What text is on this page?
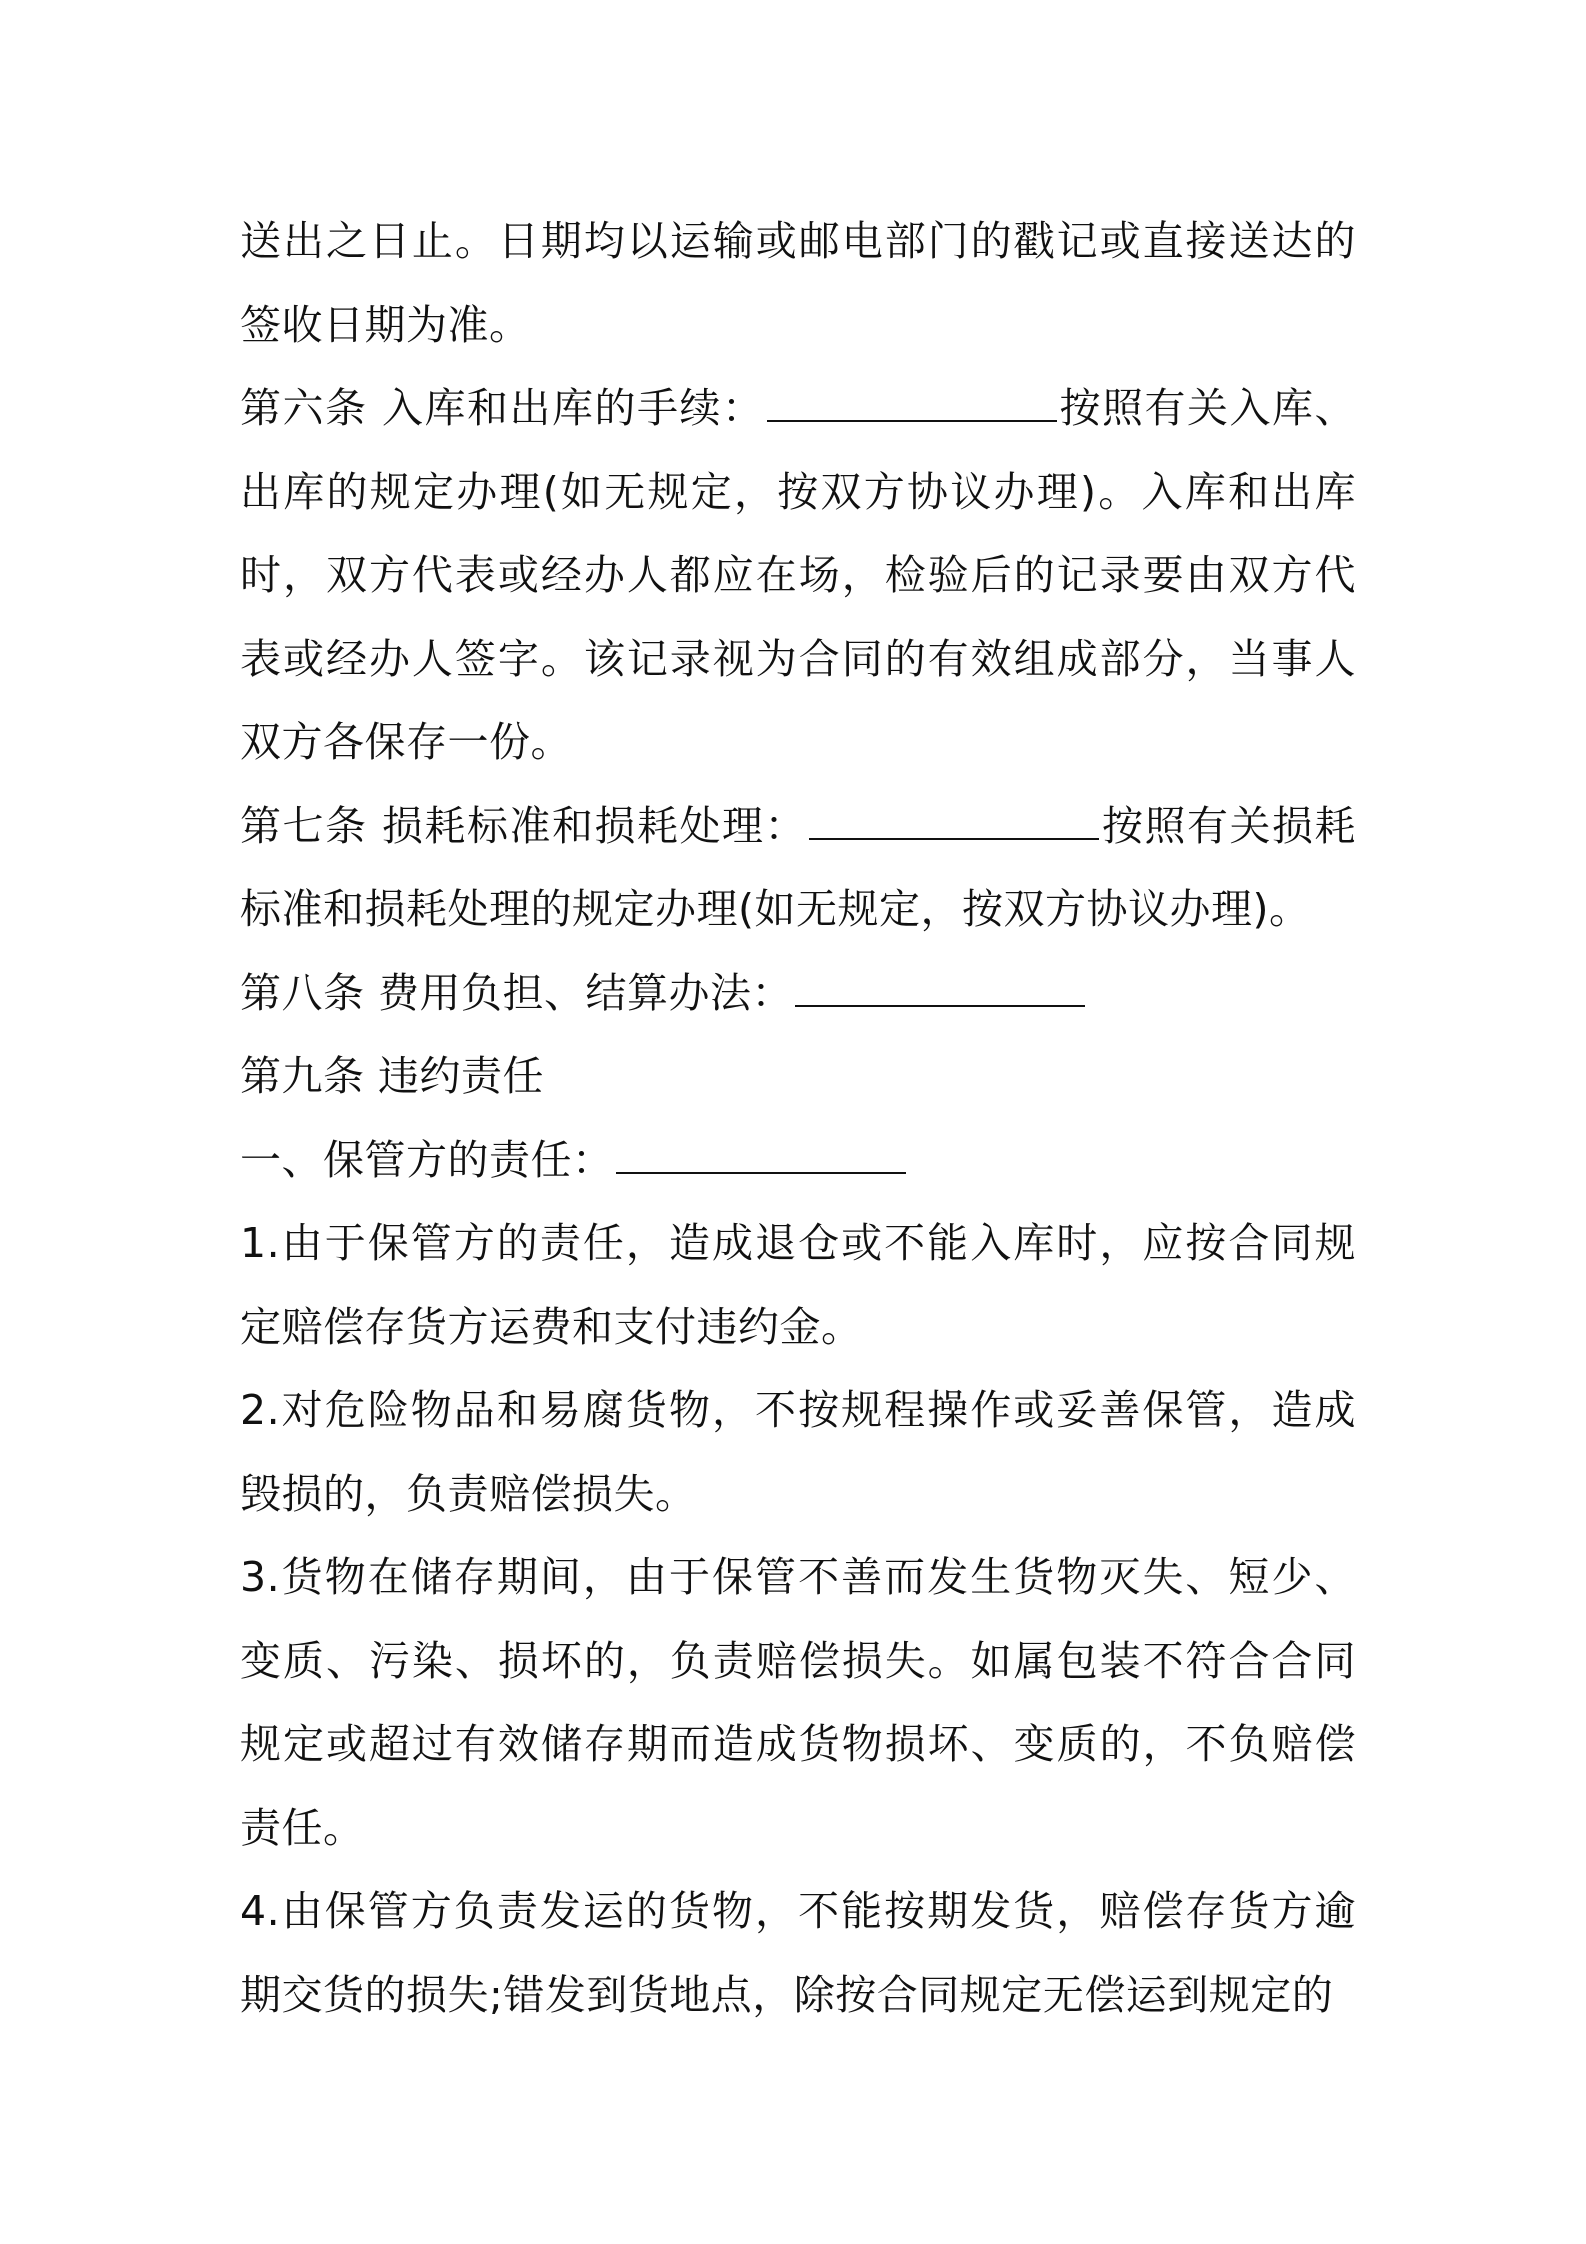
送出之日止。日期均以运输或邮电部门的戳记或直接送达的签收日期为准。

第六条 入库和出库的手续：	按照有关入库、出库的规定办理(如无规定，按双方协议办理)。入库和出库时，双方代表或经办人都应在场，检验后的记录要由双方代表或经办人签字。该记录视为合同的有效组成部分，当事人双方各保存一份。

第七条 损耗标准和损耗处理：	按照有关损耗标准和损耗处理的规定办理(如无规定，按双方协议办理)。

第八条 费用负担、结算办法：

第九条 违约责任

一、保管方的责任：

1.由于保管方的责任，造成退仓或不能入库时，应按合同规定赔偿存货方运费和支付违约金。

2.对危险物品和易腐货物，不按规程操作或妥善保管，造成毁损的，负责赔偿损失。

3.货物在储存期间，由于保管不善而发生货物灭失、短少、变质、污染、损坏的，负责赔偿损失。如属包装不符合合同规定或超过有效储存期而造成货物损坏、变质的，不负赔偿责任。

4.由保管方负责发运的货物，不能按期发货，赔偿存货方逾期交货的损失;错发到货地点，除按合同规定无偿运到规定的
